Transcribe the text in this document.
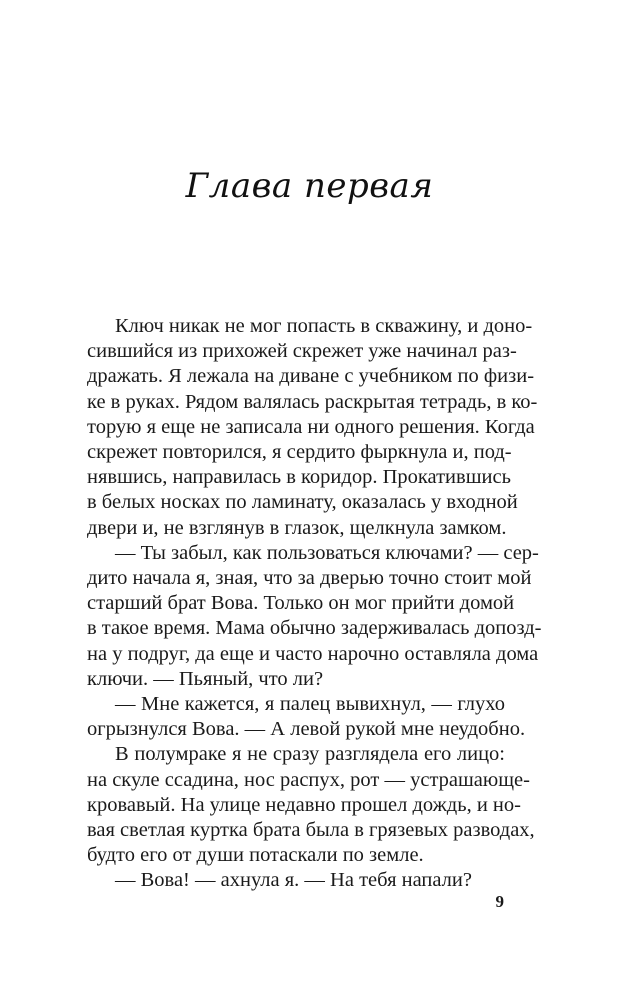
Глава первая
Ключ никак не мог попасть в скважину, и доно-
сившийся из прихожей скрежет уже начинал раз-
дражать. Я лежала на диване с учебником по физи-
ке в руках. Рядом валялась раскрытая тетрадь, в ко-
торую я еще не записала ни одного решения. Когда
скрежет повторился, я сердито фыркнула и, под-
нявшись, направилась в коридор. Прокатившись
в белых носках по ламинату, оказалась у входной
двери и, не взглянув в глазок, щелкнула замком.
— Ты забыл, как пользоваться ключами? — сер-
дито начала я, зная, что за дверью точно стоит мой
старший брат Вова. Только он мог прийти домой
в такое время. Мама обычно задерживалась допозд-
на у подруг, да еще и часто нарочно оставляла дома
ключи. — Пьяный, что ли?
— Мне кажется, я палец вывихнул, — глухо
огрызнулся Вова. — А левой рукой мне неудобно.
В полумраке я не сразу разглядела его лицо:
на скуле ссадина, нос распух, рот — устрашающе-
кровавый. На улице недавно прошел дождь, и но-
вая светлая куртка брата была в грязевых разводах,
будто его от души потаскали по земле.
— Вова! — ахнула я. — На тебя напали?
9
